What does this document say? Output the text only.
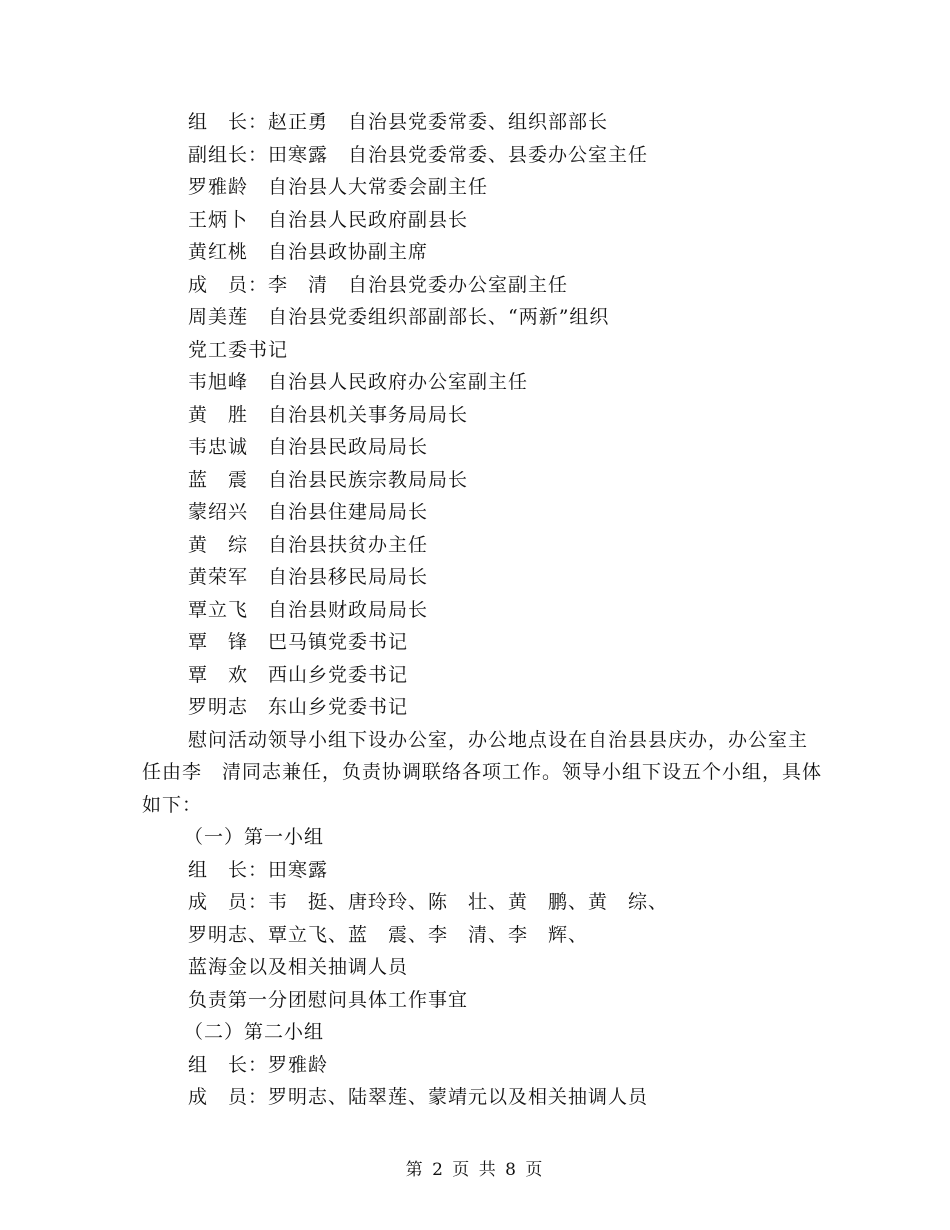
组　长：赵正勇　自治县党委常委、组织部部长
副组长：田寒露　自治县党委常委、县委办公室主任
罗雅龄　自治县人大常委会副主任
王炳卜　自治县人民政府副县长
黄红桃　自治县政协副主席
成　员：李　清　自治县党委办公室副主任
周美莲　自治县党委组织部副部长、“两新”组织
党工委书记
韦旭峰　自治县人民政府办公室副主任
黄　胜　自治县机关事务局局长
韦忠诚　自治县民政局局长
蓝　震　自治县民族宗教局局长
蒙绍兴　自治县住建局局长
黄　综　自治县扶贫办主任
黄荣军　自治县移民局局长
覃立飞　自治县财政局局长
覃　锋　巴马镇党委书记
覃　欢　西山乡党委书记
罗明志　东山乡党委书记
慰问活动领导小组下设办公室，办公地点设在自治县县庆办，办公室主任由李　清同志兼任，负责协调联络各项工作。领导小组下设五个小组，具体如下：
（一）第一小组
组　长：田寒露
成　员：韦　挺、唐玲玲、陈　壮、黄　鹏、黄　综、
罗明志、覃立飞、蓝　震、李　清、李　辉、
蓝海金以及相关抽调人员
负责第一分团慰问具体工作事宜
（二）第二小组
组　长：罗雅龄
成　员：罗明志、陆翠莲、蒙靖元以及相关抽调人员
第 2 页 共 8 页
